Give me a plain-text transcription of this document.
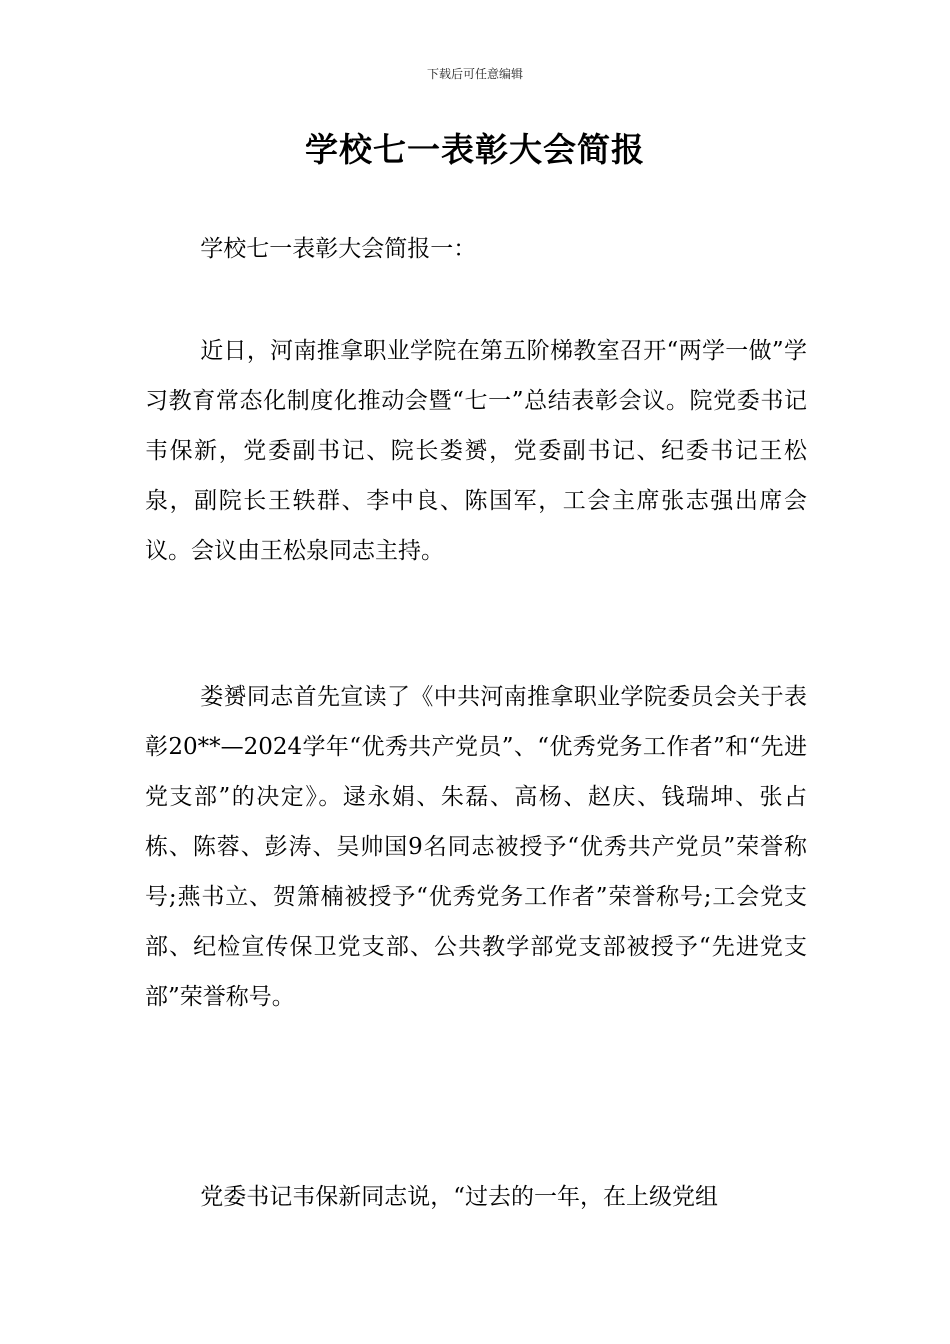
下载后可任意编辑
学校七一表彰大会简报

学校七一表彰大会简报一：

近日，河南推拿职业学院在第五阶梯教室召开“两学一做”学习教育常态化制度化推动会暨“七一”总结表彰会议。院党委书记韦保新，党委副书记、院长娄赟，党委副书记、纪委书记王松泉，副院长王轶群、李中良、陈国军，工会主席张志强出席会议。会议由王松泉同志主持。

娄赟同志首先宣读了《中共河南推拿职业学院委员会关于表彰20**—2024学年“优秀共产党员”、“优秀党务工作者”和“先进党支部”的决定》。逯永娟、朱磊、高杨、赵庆、钱瑞坤、张占栋、陈蓉、彭涛、吴帅国9名同志被授予“优秀共产党员”荣誉称号;燕书立、贺箫楠被授予“优秀党务工作者”荣誉称号;工会党支部、纪检宣传保卫党支部、公共教学部党支部被授予“先进党支部”荣誉称号。

党委书记韦保新同志说，“过去的一年，在上级党组
